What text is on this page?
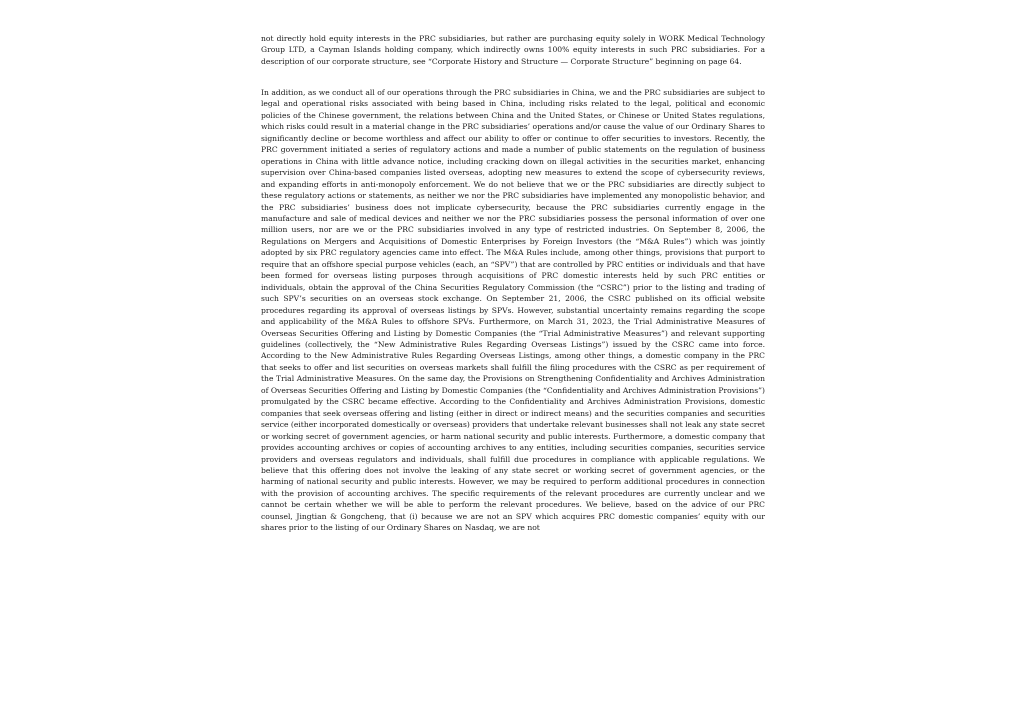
not directly hold equity interests in the PRC subsidiaries, but rather are purchasing equity solely in WORK Medical Technology Group LTD, a Cayman Islands holding company, which indirectly owns 100% equity interests in such PRC subsidiaries. For a description of our corporate structure, see “Corporate History and Structure — Corporate Structure” beginning on page 64.

In addition, as we conduct all of our operations through the PRC subsidiaries in China, we and the PRC subsidiaries are subject to legal and operational risks associated with being based in China, including risks related to the legal, political and economic policies of the Chinese government, the relations between China and the United States, or Chinese or United States regulations, which risks could result in a material change in the PRC subsidiaries’ operations and/or cause the value of our Ordinary Shares to significantly decline or become worthless and affect our ability to offer or continue to offer securities to investors. Recently, the PRC government initiated a series of regulatory actions and made a number of public statements on the regulation of business operations in China with little advance notice, including cracking down on illegal activities in the securities market, enhancing supervision over China-based companies listed overseas, adopting new measures to extend the scope of cybersecurity reviews, and expanding efforts in anti-monopoly enforcement. We do not believe that we or the PRC subsidiaries are directly subject to these regulatory actions or statements, as neither we nor the PRC subsidiaries have implemented any monopolistic behavior, and the PRC subsidiaries’ business does not implicate cybersecurity, because the PRC subsidiaries currently engage in the manufacture and sale of medical devices and neither we nor the PRC subsidiaries possess the personal information of over one million users, nor are we or the PRC subsidiaries involved in any type of restricted industries. On September 8, 2006, the Regulations on Mergers and Acquisitions of Domestic Enterprises by Foreign Investors (the “M&A Rules”) which was jointly adopted by six PRC regulatory agencies came into effect. The M&A Rules include, among other things, provisions that purport to require that an offshore special purpose vehicles (each, an “SPV”) that are controlled by PRC entities or individuals and that have been formed for overseas listing purposes through acquisitions of PRC domestic interests held by such PRC entities or individuals, obtain the approval of the China Securities Regulatory Commission (the “CSRC”) prior to the listing and trading of such SPV’s securities on an overseas stock exchange. On September 21, 2006, the CSRC published on its official website procedures regarding its approval of overseas listings by SPVs. However, substantial uncertainty remains regarding the scope and applicability of the M&A Rules to offshore SPVs. Furthermore, on March 31, 2023, the Trial Administrative Measures of Overseas Securities Offering and Listing by Domestic Companies (the “Trial Administrative Measures”) and relevant supporting guidelines (collectively, the “New Administrative Rules Regarding Overseas Listings”) issued by the CSRC came into force. According to the New Administrative Rules Regarding Overseas Listings, among other things, a domestic company in the PRC that seeks to offer and list securities on overseas markets shall fulfill the filing procedures with the CSRC as per requirement of the Trial Administrative Measures. On the same day, the Provisions on Strengthening Confidentiality and Archives Administration of Overseas Securities Offering and Listing by Domestic Companies (the “Confidentiality and Archives Administration Provisions”) promulgated by the CSRC became effective. According to the Confidentiality and Archives Administration Provisions, domestic companies that seek overseas offering and listing (either in direct or indirect means) and the securities companies and securities service (either incorporated domestically or overseas) providers that undertake relevant businesses shall not leak any state secret or working secret of government agencies, or harm national security and public interests. Furthermore, a domestic company that provides accounting archives or copies of accounting archives to any entities, including securities companies, securities service providers and overseas regulators and individuals, shall fulfill due procedures in compliance with applicable regulations. We believe that this offering does not involve the leaking of any state secret or working secret of government agencies, or the harming of national security and public interests. However, we may be required to perform additional procedures in connection with the provision of accounting archives. The specific requirements of the relevant procedures are currently unclear and we cannot be certain whether we will be able to perform the relevant procedures. We believe, based on the advice of our PRC counsel, Jingtian & Gongcheng, that (i) because we are not an SPV which acquires PRC domestic companies’ equity with our shares prior to the listing of our Ordinary Shares on Nasdaq, we are not
